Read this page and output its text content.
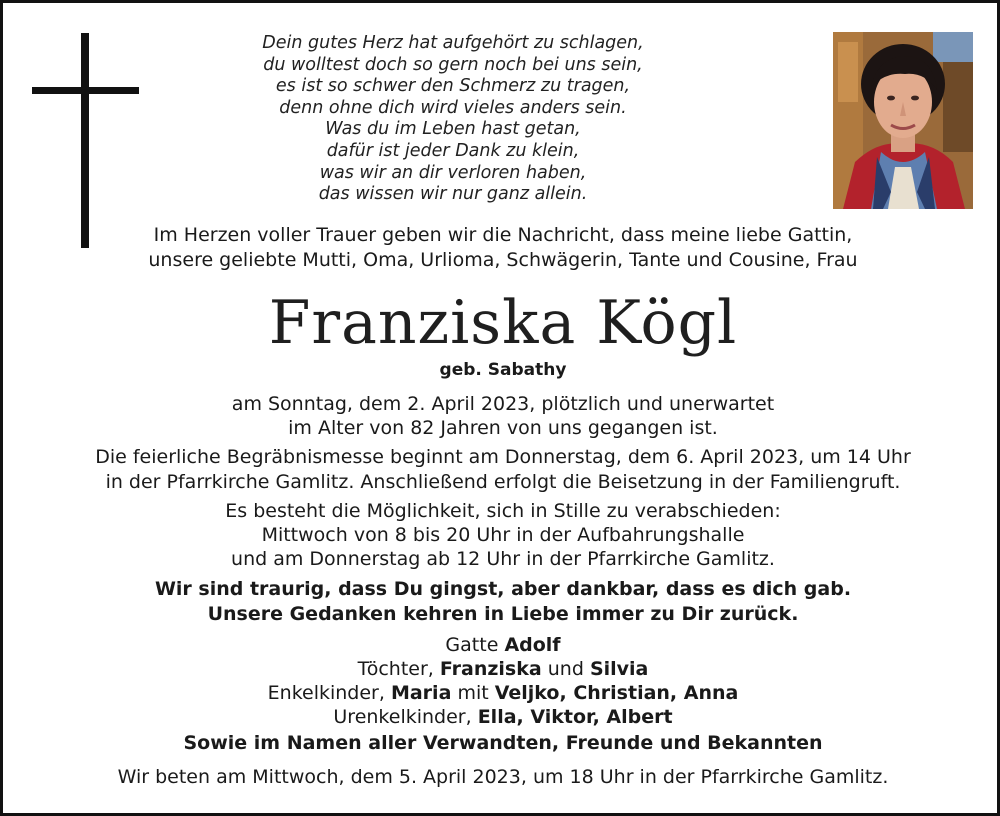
Dein gutes Herz hat aufgehört zu schlagen,
du wolltest doch so gern noch bei uns sein,
es ist so schwer den Schmerz zu tragen,
denn ohne dich wird vieles anders sein.
Was du im Leben hast getan,
dafür ist jeder Dank zu klein,
was wir an dir verloren haben,
das wissen wir nur ganz allein.
Im Herzen voller Trauer geben wir die Nachricht, dass meine liebe Gattin,
unsere geliebte Mutti, Oma, Urlioma, Schwägerin, Tante und Cousine, Frau
Franziska Kögl
geb. Sabathy
am Sonntag, dem 2. April 2023, plötzlich und unerwartet
im Alter von 82 Jahren von uns gegangen ist.
Die feierliche Begräbnismesse beginnt am Donnerstag, dem 6. April 2023, um 14 Uhr
in der Pfarrkirche Gamlitz. Anschließend erfolgt die Beisetzung in der Familiengruft.
Es besteht die Möglichkeit, sich in Stille zu verabschieden:
Mittwoch von 8 bis 20 Uhr in der Aufbahrungshalle
und am Donnerstag ab 12 Uhr in der Pfarrkirche Gamlitz.
Wir sind traurig, dass Du gingst, aber dankbar, dass es dich gab.
Unsere Gedanken kehren in Liebe immer zu Dir zurück.
Gatte Adolf
Töchter, Franziska und Silvia
Enkelkinder, Maria mit Veljko, Christian, Anna
Urenkelkinder, Ella, Viktor, Albert
Sowie im Namen aller Verwandten, Freunde und Bekannten
Wir beten am Mittwoch, dem 5. April 2023, um 18 Uhr in der Pfarrkirche Gamlitz.
